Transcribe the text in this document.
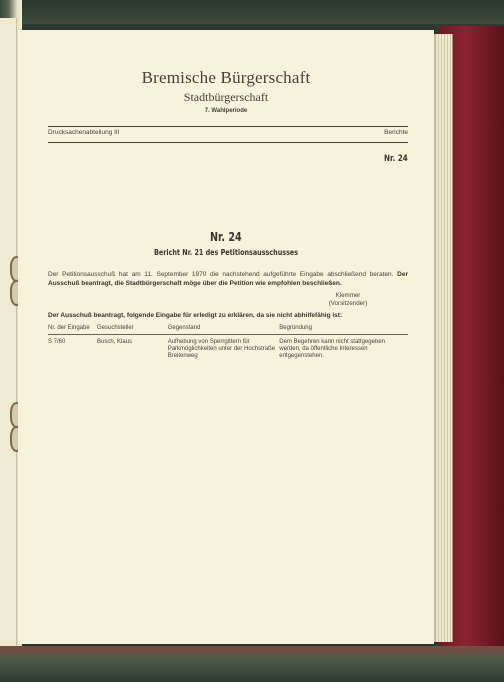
Bremische Bürgerschaft
Stadtbürgerschaft
7. Wahlperiode
Drucksachenabteilung III	Berichte
Nr. 24
Nr. 24
Bericht Nr. 21 des Petitionsausschusses
Der Petitionsausschuß hat am 11. September 1970 die nachstehend aufgeführte Eingabe abschließend beraten. Der Ausschuß beantragt, die Stadtbürgerschaft möge über die Petition wie empfohlen beschließen.
Klemmer
(Vorsitzender)
Der Ausschuß beantragt, folgende Eingabe für erledigt zu erklären, da sie nicht abhilfefähig ist:
Nr. der Eingabe	Gesuchsteller	Gegenstand	Begründung
S 7/60	Busch, Klaus	Aufhebung von Sperrgittern für Parkmöglichkeiten unter der Hochstraße Breitenweg	Dem Begehren kann nicht stattgegeben werden, da öffentliche Interessen entgegenstehen.
